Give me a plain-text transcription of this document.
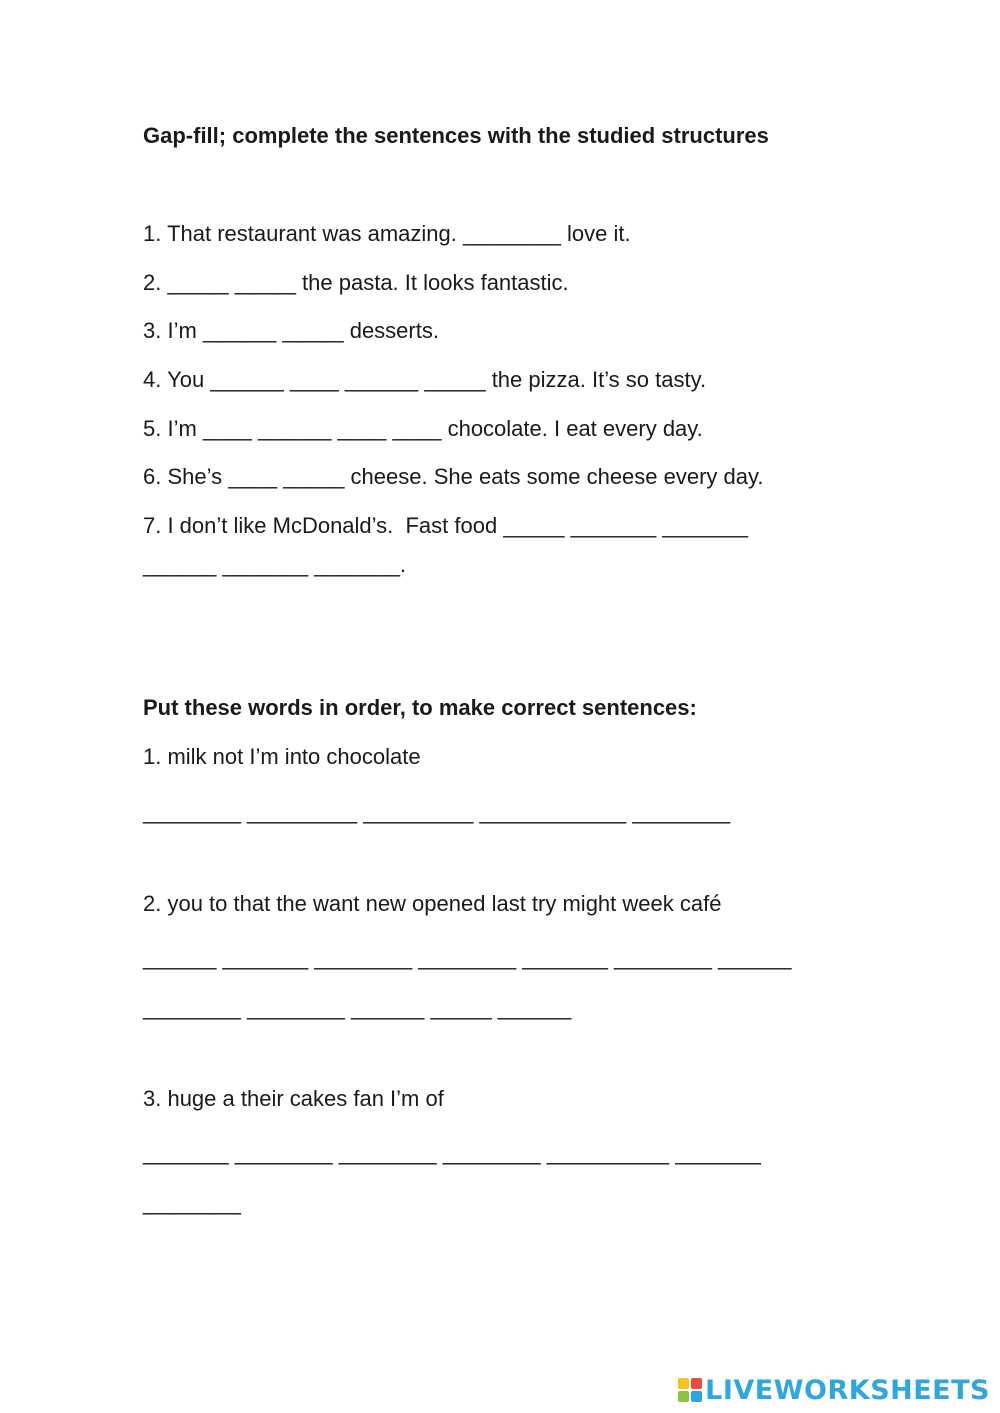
Gap-fill; complete the sentences with the studied structures

1. That restaurant was amazing. ________ love it.

2. _____ _____ the pasta. It looks fantastic.

3. I’m ______ _____ desserts.

4. You ______ ____ ______ _____ the pizza. It’s so tasty.

5. I’m ____ ______ ____ ____ chocolate. I eat every day.

6. She’s ____ _____ cheese. She eats some cheese every day.

7. I don’t like McDonald’s.  Fast food _____ _______ _______

______ _______ _______.

Put these words in order, to make correct sentences:

1. milk not I’m into chocolate

________ _________ _________ ____________ ________

2. you to that the want new opened last try might week café

______ _______ ________ ________ _______ ________ ______

________ ________ ______ _____ ______

3. huge a their cakes fan I’m of

_______ ________ ________ ________ __________ _______

________

LIVEWORKSHEETS
